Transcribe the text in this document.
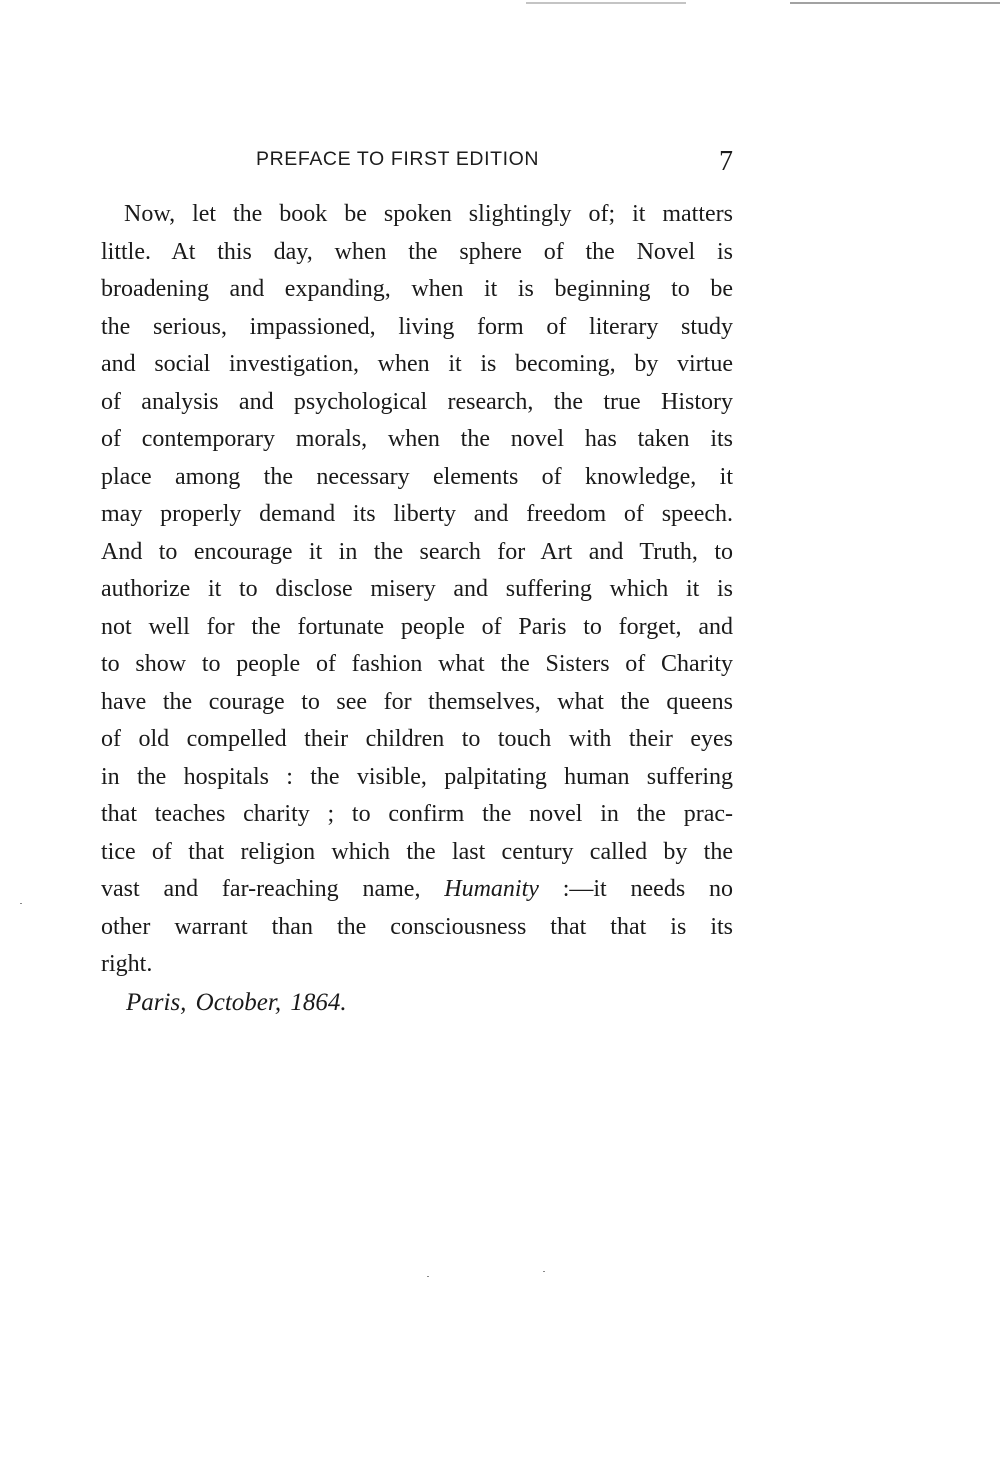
PREFACE TO FIRST EDITION	7
Now, let the book be spoken slightingly of; it matters
little. At this day, when the sphere of the Novel is
broadening and expanding, when it is beginning to be
the serious, impassioned, living form of literary study
and social investigation, when it is becoming, by virtue
of analysis and psychological research, the true History
of contemporary morals, when the novel has taken its
place among the necessary elements of knowledge, it
may properly demand its liberty and freedom of speech.
And to encourage it in the search for Art and Truth, to
authorize it to disclose misery and suffering which it is
not well for the fortunate people of Paris to forget, and
to show to people of fashion what the Sisters of Charity
have the courage to see for themselves, what the queens
of old compelled their children to touch with their eyes
in the hospitals : the visible, palpitating human suffering
that teaches charity ; to confirm the novel in the prac-
tice of that religion which the last century called by the
vast and far-reaching name, Humanity :—it needs no
other warrant than the consciousness that that is its
right.
Paris, October, 1864.
